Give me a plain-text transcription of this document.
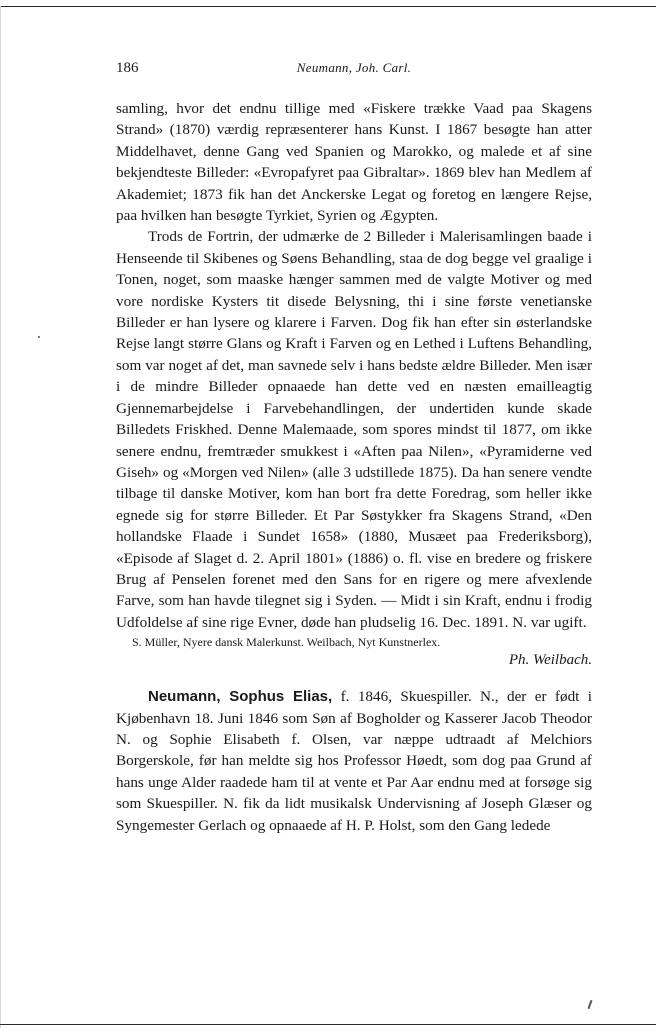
186	Neumann, Joh. Carl.

samling, hvor det endnu tillige med «Fiskere trække Vaad paa Skagens Strand» (1870) værdig repræsenterer hans Kunst. I 1867 besøgte han atter Middelhavet, denne Gang ved Spanien og Marokko, og malede et af sine bekjendteste Billeder: «Evropafyret paa Gibraltar». 1869 blev han Medlem af Akademiet; 1873 fik han det Anckerske Legat og foretog en længere Rejse, paa hvilken han besøgte Tyrkiet, Syrien og Ægypten.

Trods de Fortrin, der udmærke de 2 Billeder i Malerisamlingen baade i Henseende til Skibenes og Søens Behandling, staa de dog begge vel graalige i Tonen, noget, som maaske hænger sammen med de valgte Motiver og med vore nordiske Kysters tit disede Belysning, thi i sine første venetianske Billeder er han lysere og klarere i Farven. Dog fik han efter sin østerlandske Rejse langt større Glans og Kraft i Farven og en Lethed i Luftens Behandling, som var noget af det, man savnede selv i hans bedste ældre Billeder. Men især i de mindre Billeder opnaaede han dette ved en næsten emailleagtig Gjennemarbejdelse i Farvebehandlingen, der undertiden kunde skade Billedets Friskhed. Denne Malemaade, som spores mindst til 1877, om ikke senere endnu, fremtræder smukkest i «Aften paa Nilen», «Pyramiderne ved Giseh» og «Morgen ved Nilen» (alle 3 udstillede 1875). Da han senere vendte tilbage til danske Motiver, kom han bort fra dette Foredrag, som heller ikke egnede sig for større Billeder. Et Par Søstykker fra Skagens Strand, «Den hollandske Flaade i Sundet 1658» (1880, Musæet paa Frederiksborg), «Episode af Slaget d. 2. April 1801» (1886) o. fl. vise en bredere og friskere Brug af Penselen forenet med den Sans for en rigere og mere afvexlende Farve, som han havde tilegnet sig i Syden. — Midt i sin Kraft, endnu i frodig Udfoldelse af sine rige Evner, døde han pludselig 16. Dec. 1891. N. var ugift.

S. Müller, Nyere dansk Malerkunst. Weilbach, Nyt Kunstnerlex.
Ph. Weilbach.

Neumann, Sophus Elias, f. 1846, Skuespiller. N., der er født i Kjøbenhavn 18. Juni 1846 som Søn af Bogholder og Kasserer Jacob Theodor N. og Sophie Elisabeth f. Olsen, var næppe udtraadt af Melchiors Borgerskole, før han meldte sig hos Professor Høedt, som dog paa Grund af hans unge Alder raadede ham til at vente et Par Aar endnu med at forsøge sig som Skuespiller. N. fik da lidt musikalsk Undervisning af Joseph Glæser og Syngemester Gerlach og opnaaede af H. P. Holst, som den Gang ledede
